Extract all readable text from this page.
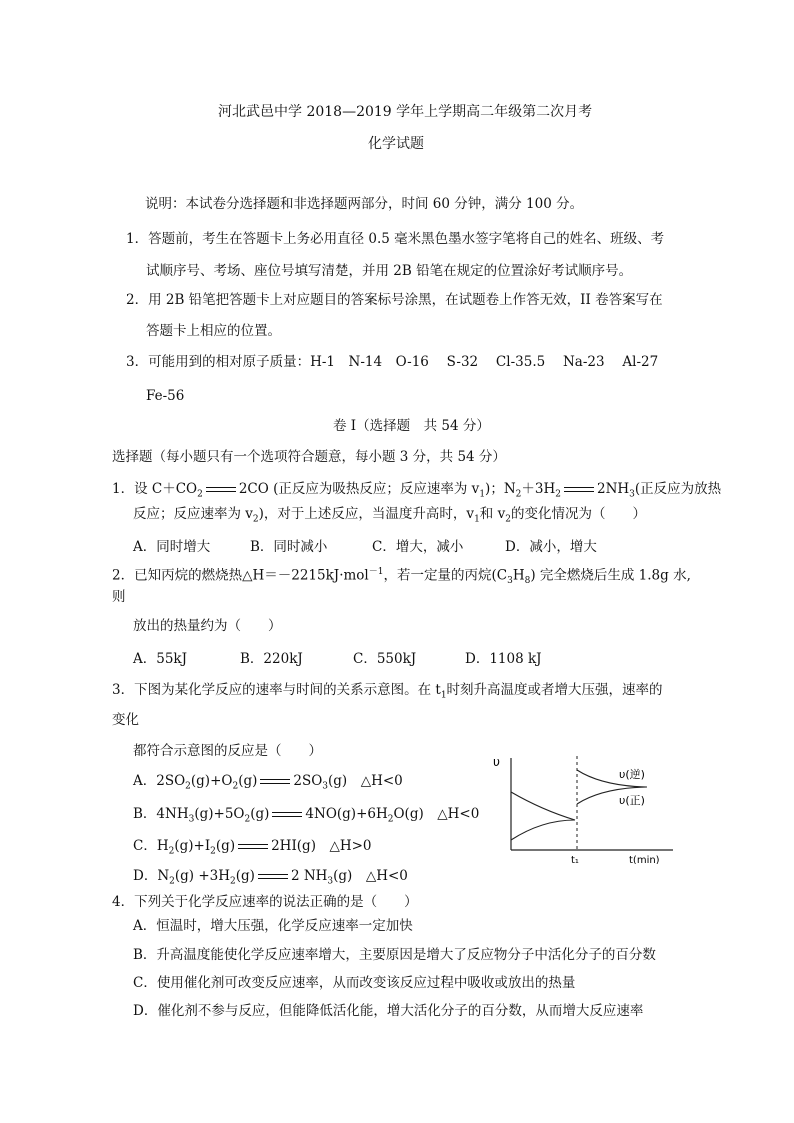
河北武邑中学 2018—2019 学年上学期高二年级第二次月考
化学试题
说明：本试卷分选择题和非选择题两部分，时间 60 分钟，满分 100 分。
1．答题前，考生在答题卡上务必用直径 0.5 毫米黑色墨水签字笔将自己的姓名、班级、考
试顺序号、考场、座位号填写清楚，并用 2B 铅笔在规定的位置涂好考试顺序号。
2．用 2B 铅笔把答题卡上对应题目的答案标号涂黑，在试题卷上作答无效，II 卷答案写在
答题卡上相应的位置。
3．可能用到的相对原子质量：H-1　N-14　O-16　 S-32　 Cl-35.5　 Na-23　 Al-27
Fe-56
卷 I（选择题　共 54 分）
选择题（每小题只有一个选项符合题意，每小题 3 分，共 54 分）
1．设 $C+CO_2$	2CO (正反应为吸热反应；反应速率为 $v_1$)；$N_2+3H_2$	$2NH_3$(正反应为放热
反应；反应速率为 $v_2$)，对于上述反应，当温度升高时，$v_1$和 $v_2$的变化情况为（　　）
A．同时增大	B．同时减小	C．增大，减小	D．减小，增大
2．已知丙烷的燃烧热△H＝－2215kJ·mol$^{-1}$，若一定量的丙烷$(C_3H_8)$ 完全燃烧后生成 1.8g 水,
则
放出的热量约为（　　）
A．55kJ	B．220kJ	C．550kJ	D．1108 kJ
3．下图为某化学反应的速率与时间的关系示意图。在 $t_1$时刻升高温度或者增大压强，速率的
变化
都符合示意图的反应是（　　）
A．$2SO_2(g)+O_2(g)$	$2SO_3(g)$　△H<0
B．$4NH_3(g)+5O_2(g)$	$4NO(g)+6H_2O(g)$　△H<0
C．$H_2(g)+I_2(g)$	2HI(g)　△H>0
D．$N_2(g) +3H_2(g)$	2 $NH_3(g)$　△H<0
υ
υ(逆)
υ(正)
t₁	t(min)
4．下列关于化学反应速率的说法正确的是（　　）
A．恒温时，增大压强，化学反应速率一定加快
B．升高温度能使化学反应速率增大，主要原因是增大了反应物分子中活化分子的百分数
C．使用催化剂可改变反应速率，从而改变该反应过程中吸收或放出的热量
D．催化剂不参与反应，但能降低活化能，增大活化分子的百分数，从而增大反应速率
